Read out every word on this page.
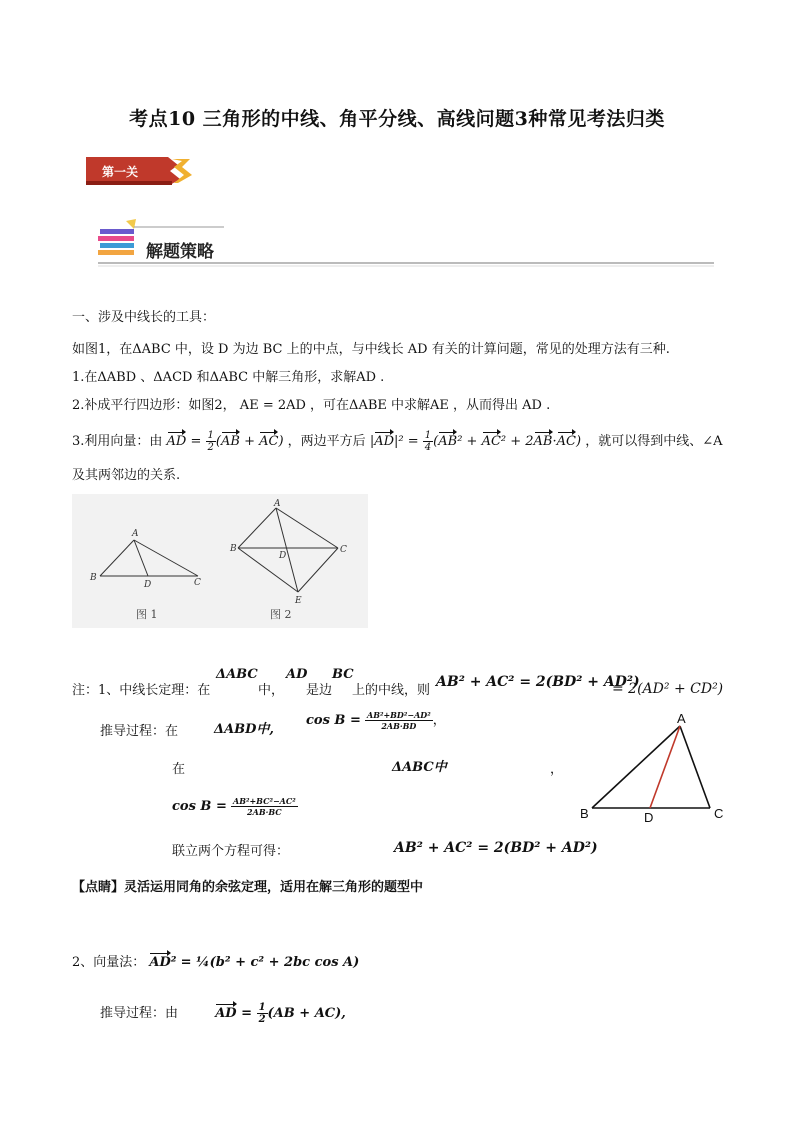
考点10 三角形的中线、角平分线、高线问题3种常见考法归类
第一关
解题策略
一、涉及中线长的工具：
如图1，在ΔABC 中，设 D 为边 BC 上的中点，与中线长 AD 有关的计算问题，常见的处理方法有三种.
1.在ΔABD 、ΔACD 和ΔABC 中解三角形，求解AD .
2.补成平行四边形：如图2， AE = 2AD ，可在ΔABE 中求解AE ，从而得出 AD .
3.利用向量：由 AD = $\frac{1}{2} (AB + AC)$ ，两边平方后 $|AD|^2 = \frac{1}{4} (AB^2 + AC^2 + 2AB\cdot AC)$ ，就可以得到中线、∠A
及其两邻边的关系.
A
B
D	C
A
B
D
C
E
图 1	图 2
ΔABC AD BC
注：1、中线长定理：在	中， 是边 上的中线，则
AB² + AC² = 2(BD² + AD²)
= 2(AD² + CD²)
推导过程：在	ΔABD中,
$\cos B = \frac{\text{AB²+BD²−AD²}}{2AB\cdot BD}$ ，
在	ΔABC中	，
$\cos B = \frac{\text{AB²+BC²−AC²}}{2AB\cdot BC}$
联立两个方程可得：	AB² + AC² = 2(BD² + AD²)
A
B	D	C
【点睛】灵活运用同角的余弦定理，适用在解三角形的题型中
2、向量法： AD² = ¼(b² + c² + 2bc cos A)
推导过程：由	AD = $\frac{1}{2} (AB + AC)$,
